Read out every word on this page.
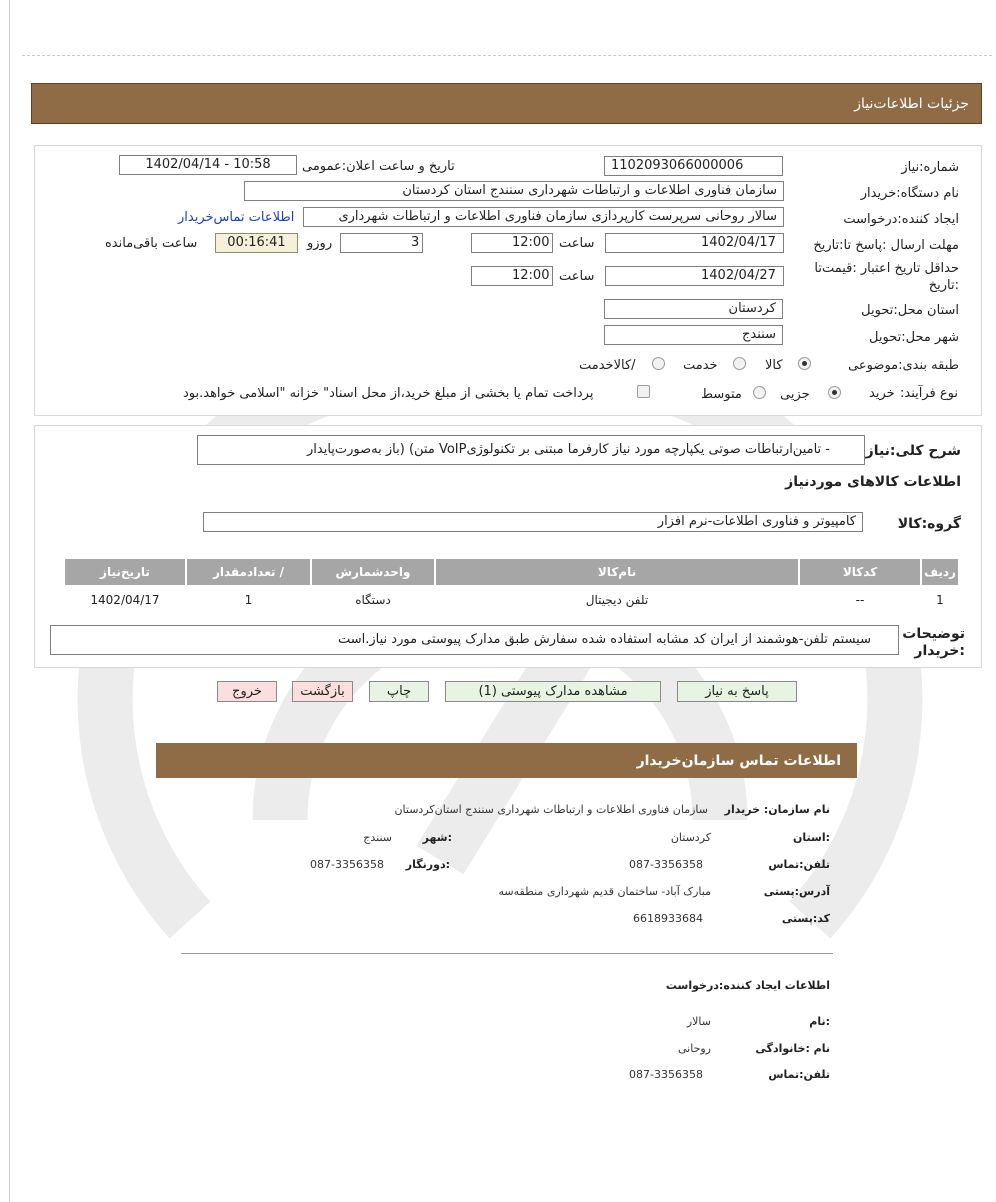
جزئیات اطلاعات‌نیاز
شماره:نیاز
1102093066000006
تاریخ و ساعت اعلان:عمومی
1402/04/14 - 10:58
نام دستگاه:خریدار
سازمان فناوری اطلاعات و ارتباطات شهرداری سنندج استان کردستان
ایجاد کننده:درخواست
سالار روحانی سرپرست کارپردازی سازمان فناوری اطلاعات و ارتباطات شهرداری
اطلاعات تماس‌خریدار
مهلت ارسال :پاسخ تا:تاریخ
1402/04/17
ساعت
12:00
3
روزو
00:16:41
ساعت باقی‌مانده
حداقل تاریخ اعتبار :قیمت‌تا
:تاریخ
1402/04/27
ساعت
12:00
استان محل:تحویل
کردستان
شهر محل:تحویل
سنندج
طبقه بندی:موضوعی
کالا
خدمت
/کالاخدمت
نوع فرآیند:
خرید
جزیی
متوسط
پرداخت تمام یا بخشی از مبلغ خرید،از محل اسناد" خزانه "اسلامی خواهد.بود
شرح کلی:نیاز
- تامین‌ارتباطات صوتی یکپارچه مورد نیاز کارفرما مبتنی بر تکنولوژیVoIP متن) (باز به‌صورت‌پایدار
اطلاعات کالاهای موردنیاز
گروه:کالا
کامپیوتر و فناوری اطلاعات-نرم افزار
ردیف	کدکالا	نام‌کالا	واحدشمارش	/ تعدادمقدار	تاریخ‌نیاز
1	--	تلفن دیجیتال	دستگاه	1	1402/04/17
توضیحات
:خریدار
سیستم تلفن-هوشمند از ایران کد مشابه استفاده شده سفارش طبق مدارک پیوستی مورد نیاز.است
پاسخ به نیاز
مشاهده مدارک پیوستی (1)
چاپ
بازگشت
خروج
اطلاعات تماس سازمان‌خریدار
نام سازمان: خریدار
سازمان فناوری اطلاعات و ارتباطات شهرداری سنندج استان‌کردستان
:استان
کردستان
:شهر
سنندج
تلفن:تماس
087-3356358
:دورنگار
087-3356358
آدرس:پستی
مبارک آباد- ساختمان قدیم شهرداری منطقه‌سه
کد:پستی
6618933684
اطلاعات ایجاد کننده:درخواست
:نام
سالار
نام :خانوادگی
روحانی
تلفن:تماس
087-3356358
